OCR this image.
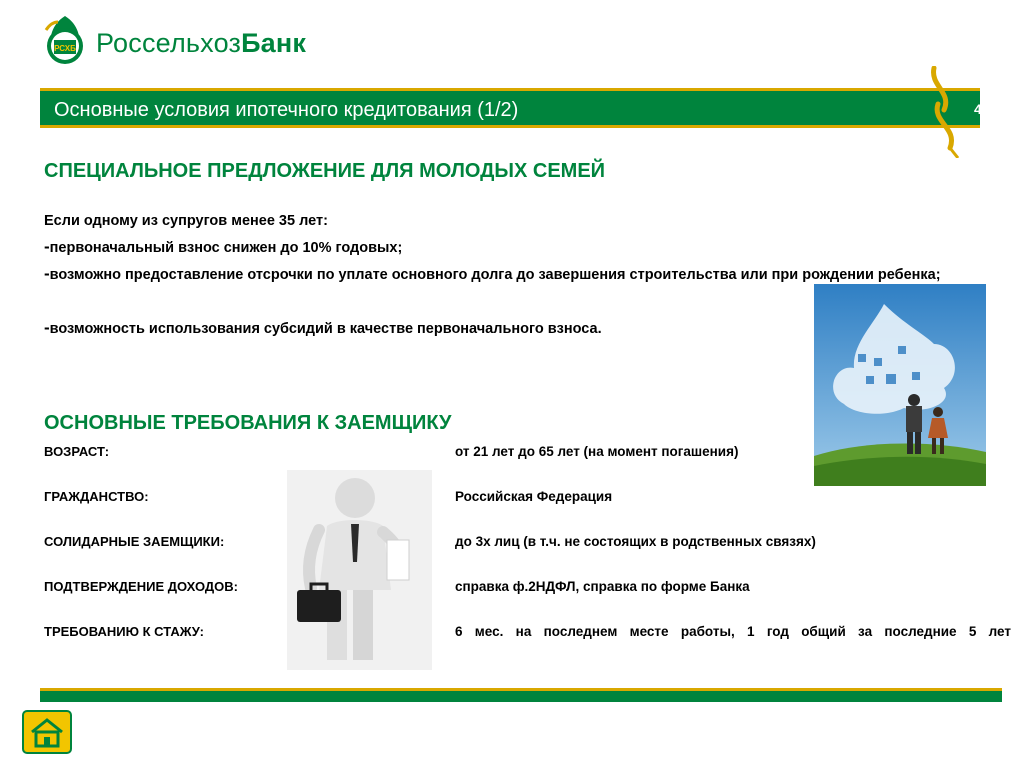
РСХБ РоссельхозБанк
Основные условия ипотечного кредитования (1/2)	4
СПЕЦИАЛЬНОЕ ПРЕДЛОЖЕНИЕ ДЛЯ МОЛОДЫХ СЕМЕЙ
Если одному из супругов менее 35 лет:
-первоначальный взнос снижен до 10% годовых;
-возможно предоставление отсрочки по уплате основного долга до завершения строительства или при рождении ребенка;
-возможность использования субсидий в качестве первоначального взноса.
ОСНОВНЫЕ ТРЕБОВАНИЯ К ЗАЕМЩИКУ
ВОЗРАСТ:	от 21 лет до 65 лет (на момент погашения)
ГРАЖДАНСТВО:	Российская Федерация
СОЛИДАРНЫЕ ЗАЕМЩИКИ:	до 3х лиц (в т.ч. не состоящих в родственных связях)
ПОДТВЕРЖДЕНИЕ ДОХОДОВ:	справка ф.2НДФЛ, справка по форме Банка
ТРЕБОВАНИЮ К СТАЖУ:	6 мес. на последнем месте работы, 1 год общий за последние 5 лет
